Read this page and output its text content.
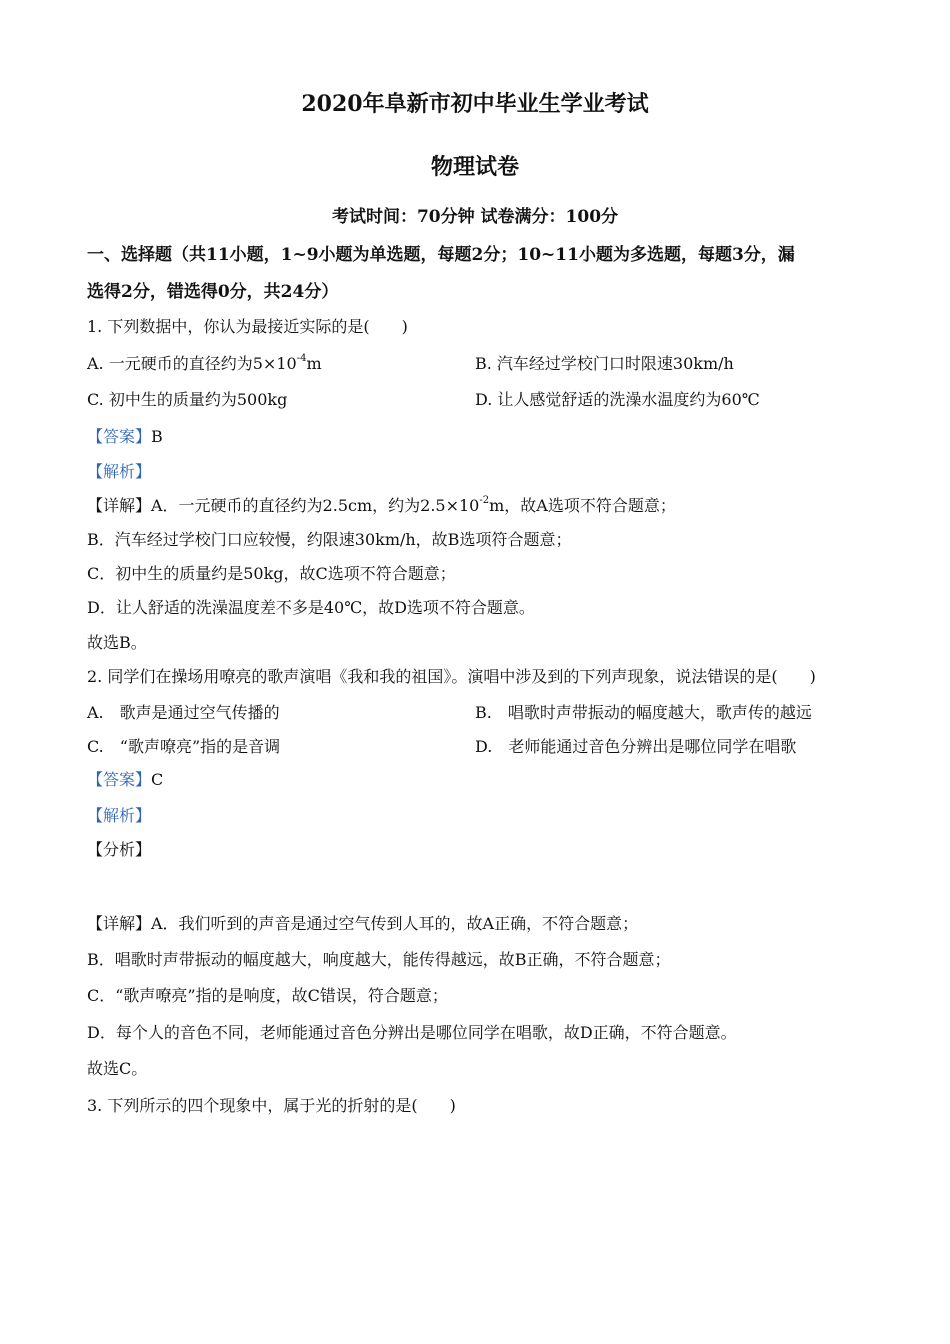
2020年阜新市初中毕业生学业考试
物理试卷
考试时间：70分钟 试卷满分：100分
一、选择题（共11小题，1~9小题为单选题，每题2分；10~11小题为多选题，每题3分，漏
选得2分，错选得0分，共24分）
1. 下列数据中，你认为最接近实际的是(　　)
A. 一元硬币的直径约为$5\times 10^{-4}m$	B. 汽车经过学校门口时限速30km/h
C. 初中生的质量约为500kg	D. 让人感觉舒适的洗澡水温度约为60℃
【答案】B
【解析】
【详解】A．一元硬币的直径约为2.5cm，约为$2.5\times 10^{-2}m$，故A选项不符合题意；
B．汽车经过学校门口应较慢，约限速30km/h，故B选项符合题意；
C．初中生的质量约是50kg，故C选项不符合题意；
D．让人舒适的洗澡温度差不多是40℃，故D选项不符合题意。
故选B。
2. 同学们在操场用嘹亮的歌声演唱《我和我的祖国》。演唱中涉及到的下列声现象，说法错误的是(　　)
A.　歌声是通过空气传播的	B.　唱歌时声带振动的幅度越大，歌声传的越远
C.　“歌声嘹亮”指的是音调	D.　老师能通过音色分辨出是哪位同学在唱歌
【答案】C
【解析】
【分析】
【详解】A．我们听到的声音是通过空气传到人耳的，故A正确，不符合题意；
B．唱歌时声带振动的幅度越大，响度越大，能传得越远，故B正确，不符合题意；
C．“歌声嘹亮”指的是响度，故C错误，符合题意；
D．每个人的音色不同，老师能通过音色分辨出是哪位同学在唱歌，故D正确，不符合题意。
故选C。
3. 下列所示的四个现象中，属于光的折射的是(　　)
